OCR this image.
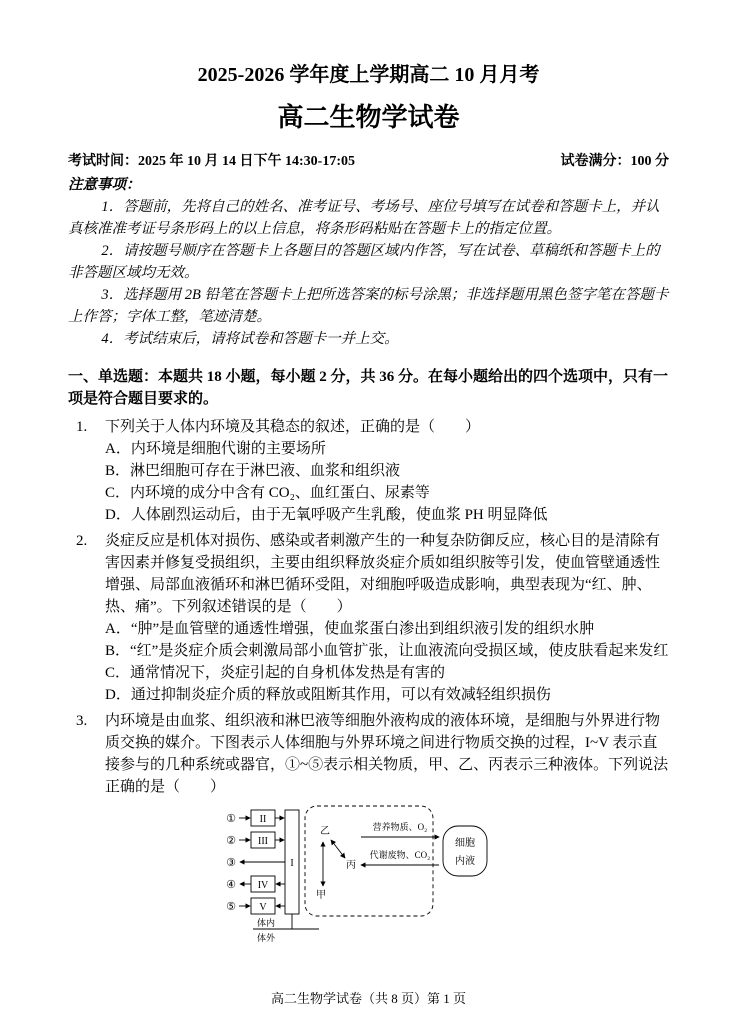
2025-2026 学年度上学期高二 10 月月考
高二生物学试卷
考试时间：2025 年 10 月 14 日下午 14:30-17:05	试卷满分：100 分
注意事项：

1．答题前，先将自己的姓名、准考证号、考场号、座位号填写在试卷和答题卡上，并认真核准准考证号条形码上的以上信息，将条形码粘贴在答题卡上的指定位置。

2．请按题号顺序在答题卡上各题目的答题区域内作答，写在试卷、草稿纸和答题卡上的非答题区域均无效。

3．选择题用 2B 铅笔在答题卡上把所选答案的标号涂黑；非选择题用黑色签字笔在答题卡上作答；字体工整，笔迹清楚。

4．考试结束后，请将试卷和答题卡一并上交。

一、单选题：本题共 18 小题，每小题 2 分，共 36 分。在每小题给出的四个选项中，只有一项是符合题目要求的。

1. 下列关于人体内环境及其稳态的叙述，正确的是（　　）

A．内环境是细胞代谢的主要场所

B．淋巴细胞可存在于淋巴液、血浆和组织液

C．内环境的成分中含有 CO₂、血红蛋白、尿素等

D．人体剧烈运动后，由于无氧呼吸产生乳酸，使血浆 PH 明显降低

2. 炎症反应是机体对损伤、感染或者刺激产生的一种复杂防御反应，核心目的是清除有害因素并修复受损组织，主要由组织释放炎症介质如组织胺等引发，使血管壁通透性增强、局部血液循环和淋巴循环受阻，对细胞呼吸造成影响，典型表现为“红、肿、热、痛”。下列叙述错误的是（　　）

A．“肿”是血管壁的通透性增强，使血浆蛋白渗出到组织液引发的组织水肿

B．“红”是炎症介质会刺激局部小血管扩张，让血液流向受损区域，使皮肤看起来发红

C．通常情况下，炎症引起的自身机体发热是有害的

D．通过抑制炎症介质的释放或阻断其作用，可以有效减轻组织损伤

3. 内环境是由血浆、组织液和淋巴液等细胞外液构成的液体环境，是细胞与外界进行物质交换的媒介。下图表示人体细胞与外界环境之间进行物质交换的过程，I~V 表示直接参与的几种系统或器官，①~⑤表示相关物质，甲、乙、丙表示三种液体。下列说法正确的是（　　）

①
②
③
④
⑤
II
III
IV
V
I
乙
甲
丙
营养物质、O₂
代谢废物、CO₂
细胞
内液
体内
体外
高二生物学试卷（共 8 页）第 1 页
